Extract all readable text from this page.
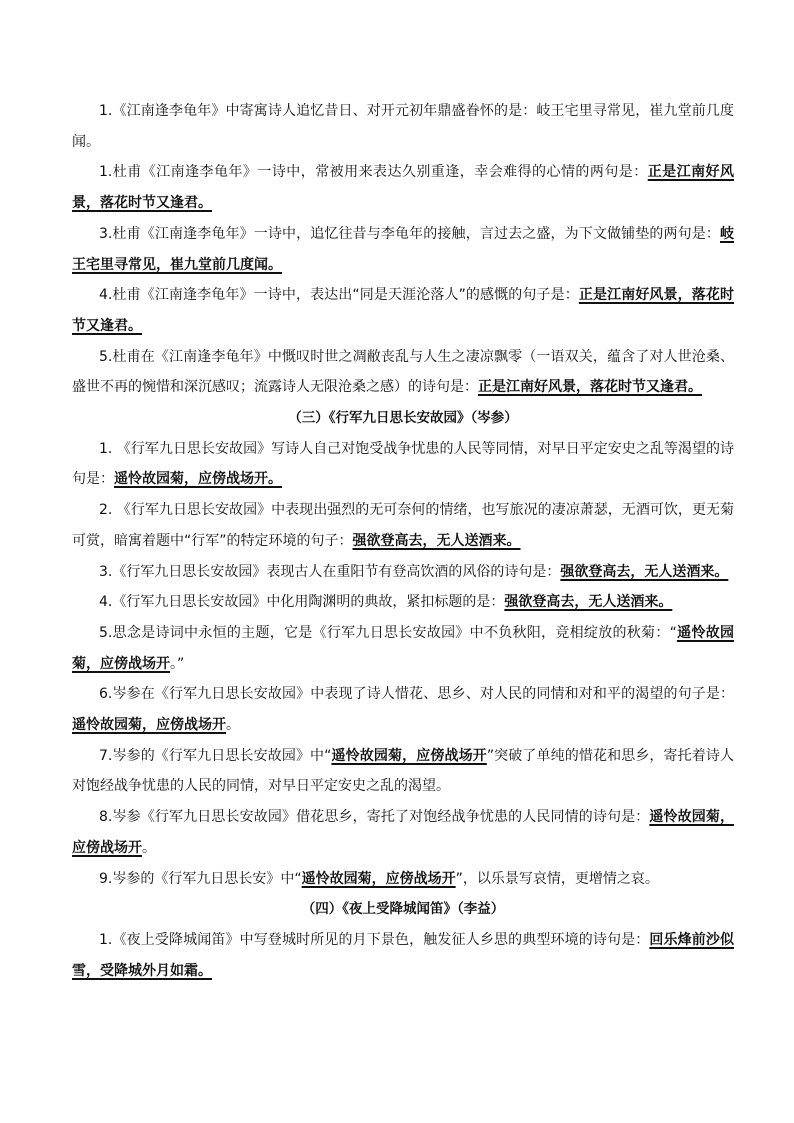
1.《江南逢李龟年》中寄寓诗人追忆昔日、对开元初年鼎盛眷怀的是：岐王宅里寻常见，崔九堂前几度闻。

1.杜甫《江南逢李龟年》一诗中，常被用来表达久别重逢，幸会难得的心情的两句是：正是江南好风景，落花时节又逢君。

3.杜甫《江南逢李龟年》一诗中，追忆往昔与李龟年的接触，言过去之盛，为下文做铺垫的两句是：岐王宅里寻常见，崔九堂前几度闻。

4.杜甫《江南逢李龟年》一诗中，表达出“同是天涯沦落人”的感慨的句子是：正是江南好风景，落花时节又逢君。

5.杜甫在《江南逢李龟年》中慨叹时世之凋敝丧乱与人生之凄凉飘零（一语双关，蕴含了对人世沧桑、盛世不再的惋惜和深沉感叹；流露诗人无限沧桑之感）的诗句是：正是江南好风景，落花时节又逢君。

（三）《行军九日思长安故园》（岑参）

1. 《行军九日思长安故园》写诗人自己对饱受战争忧患的人民等同情，对早日平定安史之乱等渴望的诗句是：遥怜故园菊，应傍战场开。

2. 《行军九日思长安故园》中表现出强烈的无可奈何的情绪，也写旅况的凄凉萧瑟，无酒可饮，更无菊可赏，暗寓着题中“行军”的特定环境的句子：强欲登高去，无人送酒来。

3.《行军九日思长安故园》表现古人在重阳节有登高饮酒的风俗的诗句是：强欲登高去，无人送酒来。

4.《行军九日思长安故园》中化用陶渊明的典故，紧扣标题的是：强欲登高去，无人送酒来。

5.思念是诗词中永恒的主题，它是《行军九日思长安故园》中不负秋阳，竞相绽放的秋菊：“遥怜故园菊，应傍战场开。”

6.岑参在《行军九日思长安故园》中表现了诗人惜花、思乡、对人民的同情和对和平的渴望的句子是：遥怜故园菊，应傍战场开。

7.岑参的《行军九日思长安故园》中“遥怜故园菊，应傍战场开”突破了单纯的惜花和思乡，寄托着诗人对饱经战争忧患的人民的同情，对早日平定安史之乱的渴望。

8.岑参《行军九日思长安故园》借花思乡，寄托了对饱经战争忧患的人民同情的诗句是：遥怜故园菊，应傍战场开。

9.岑参的《行军九日思长安》中“遥怜故园菊，应傍战场开”，以乐景写哀情，更增情之哀。

（四）《夜上受降城闻笛》（李益）

1.《夜上受降城闻笛》中写登城时所见的月下景色，触发征人乡思的典型环境的诗句是：回乐烽前沙似雪，受降城外月如霜。
